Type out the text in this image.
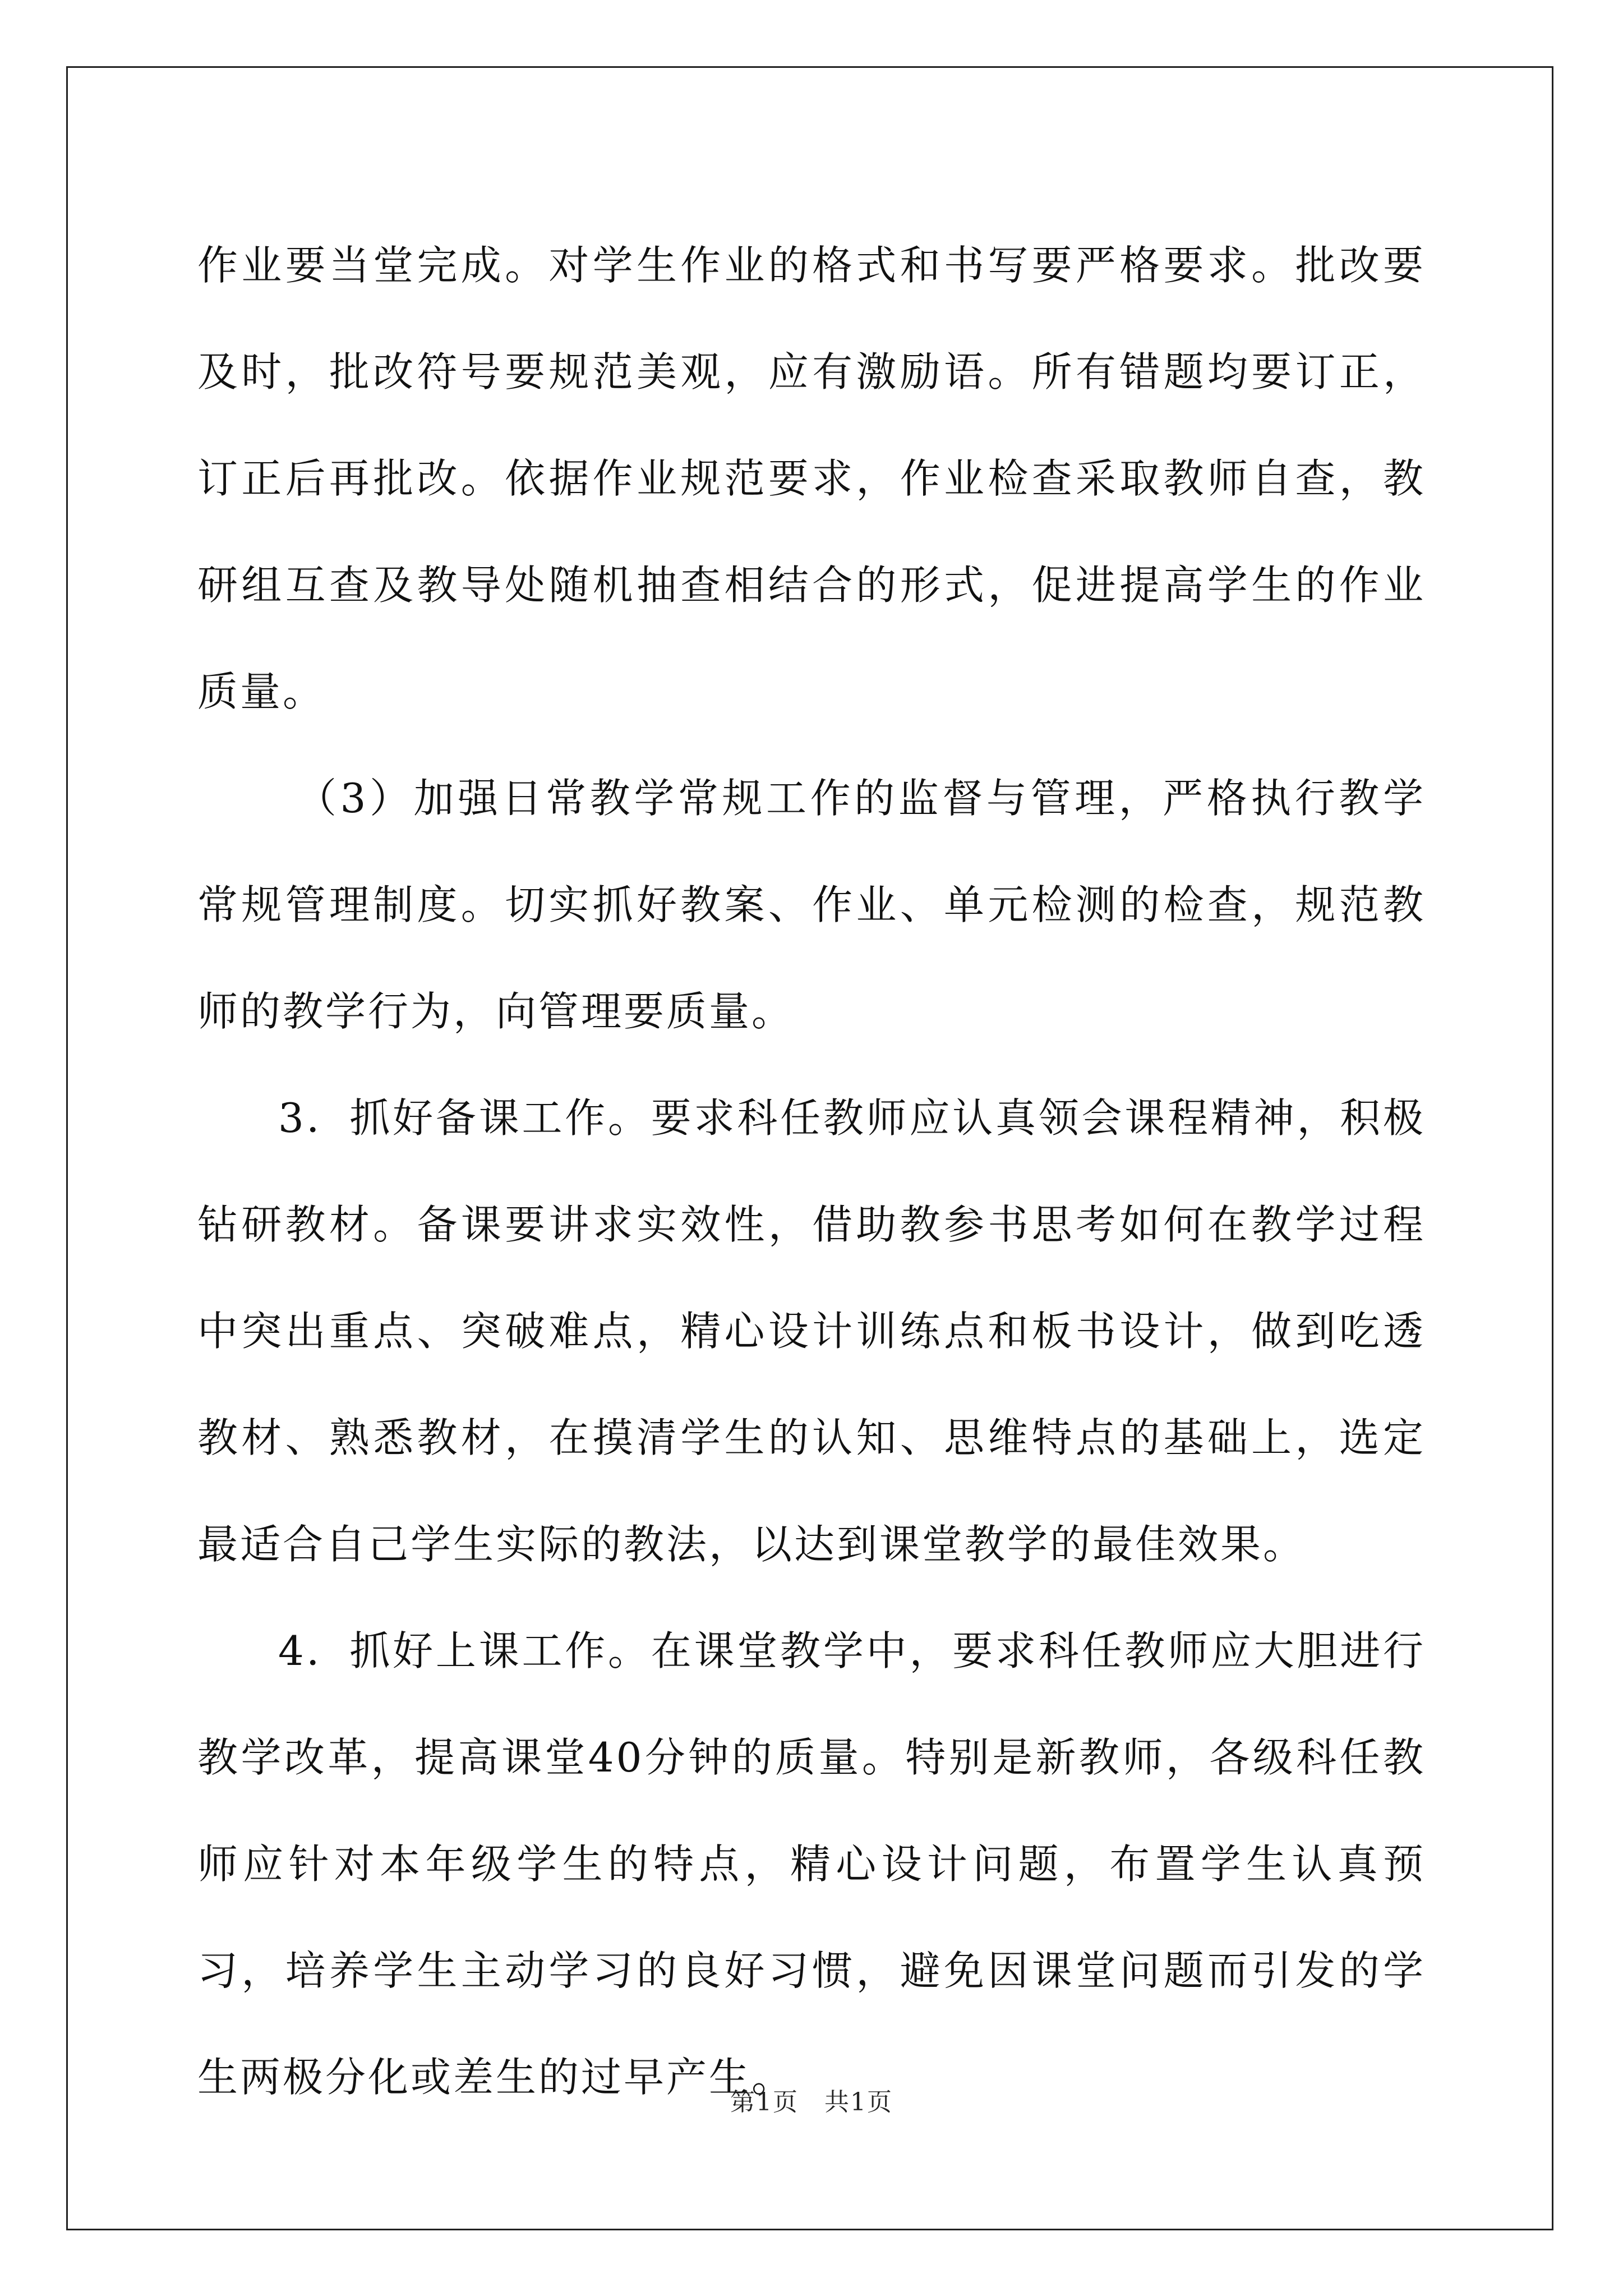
作业要当堂完成。对学生作业的格式和书写要严格要求。批改要及时，批改符号要规范美观，应有激励语。所有错题均要订正，订正后再批改。依据作业规范要求，作业检查采取教师自查，教研组互查及教导处随机抽查相结合的形式，促进提高学生的作业质量。

（3）加强日常教学常规工作的监督与管理，严格执行教学常规管理制度。切实抓好教案、作业、单元检测的检查，规范教师的教学行为，向管理要质量。

3．抓好备课工作。要求科任教师应认真领会课程精神，积极钻研教材。备课要讲求实效性，借助教参书思考如何在教学过程中突出重点、突破难点，精心设计训练点和板书设计，做到吃透教材、熟悉教材，在摸清学生的认知、思维特点的基础上，选定最适合自己学生实际的教法，以达到课堂教学的最佳效果。

4．抓好上课工作。在课堂教学中，要求科任教师应大胆进行教学改革，提高课堂40分钟的质量。特别是新教师，各级科任教师应针对本年级学生的特点，精心设计问题，布置学生认真预习，培养学生主动学习的良好习惯，避免因课堂问题而引发的学生两极分化或差生的过早产生。

第1页　共1页
